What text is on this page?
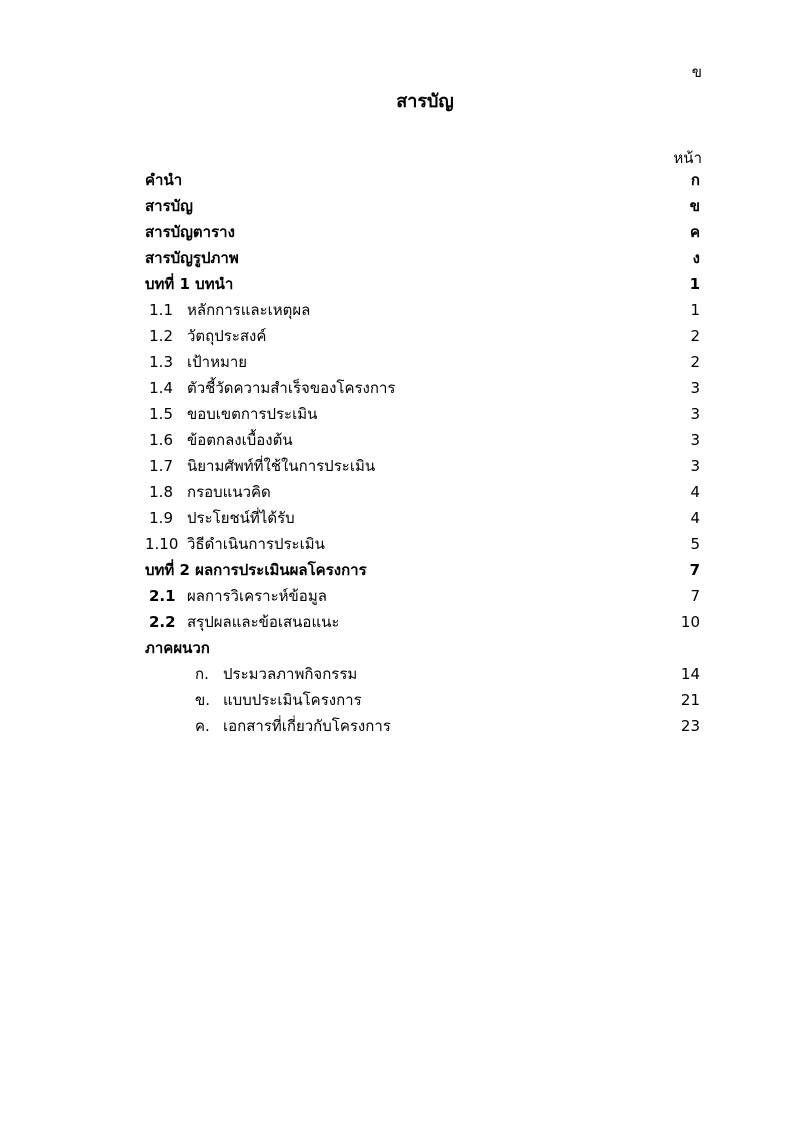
ข
สารบัญ
หน้า
คำนำ	ก
สารบัญ	ข
สารบัญตาราง	ค
สารบัญรูปภาพ	ง
บทที่ 1 บทนำ	1
1.1 หลักการและเหตุผล	1
1.2 วัตถุประสงค์	2
1.3 เป้าหมาย	2
1.4 ตัวชี้วัดความสำเร็จของโครงการ	3
1.5 ขอบเขตการประเมิน	3
1.6 ข้อตกลงเบื้องต้น	3
1.7 นิยามศัพท์ที่ใช้ในการประเมิน	3
1.8 กรอบแนวคิด	4
1.9 ประโยชน์ที่ได้รับ	4
1.10 วิธีดำเนินการประเมิน	5
บทที่ 2 ผลการประเมินผลโครงการ	7
2.1 ผลการวิเคราะห์ข้อมูล	7
2.2 สรุปผลและข้อเสนอแนะ	10
ภาคผนวก
ก. ประมวลภาพกิจกรรม	14
ข. แบบประเมินโครงการ	21
ค. เอกสารที่เกี่ยวกับโครงการ	23
